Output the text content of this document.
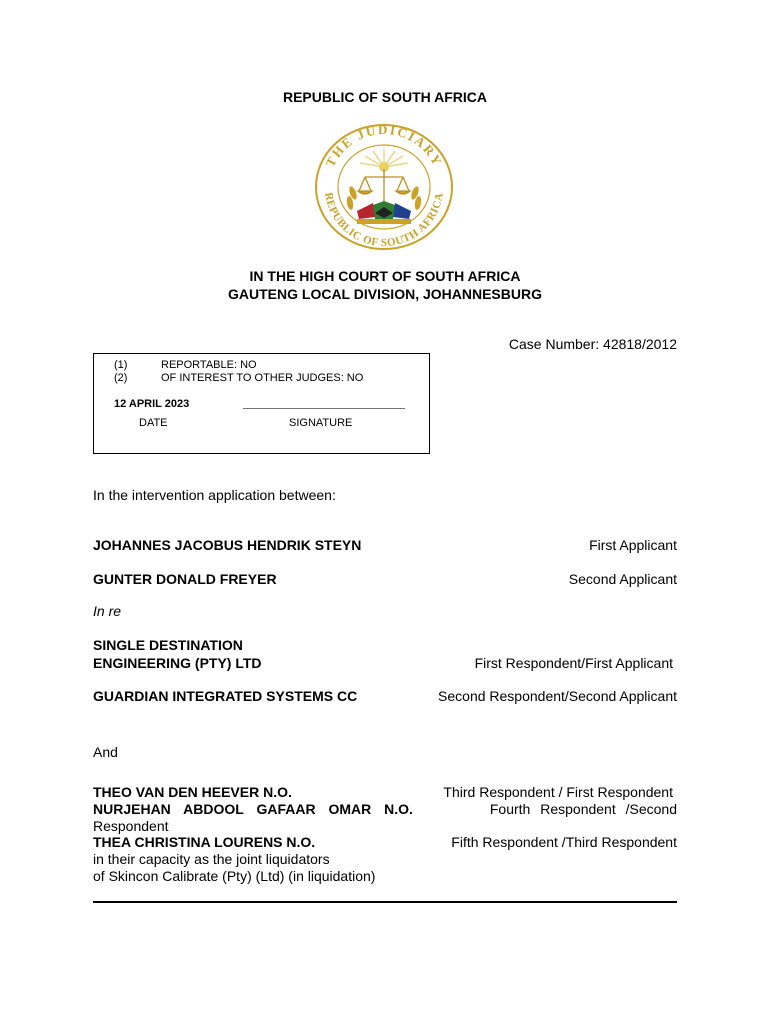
REPUBLIC OF SOUTH AFRICA
THE JUDICIARY
REPUBLIC OF SOUTH AFRICA
IN THE HIGH COURT OF SOUTH AFRICA
GAUTENG LOCAL DIVISION, JOHANNESBURG
Case Number: 42818/2012
(1)	REPORTABLE: NO
(2)	OF INTEREST TO OTHER JUDGES: NO
12 APRIL 2023
DATE	SIGNATURE
In the intervention application between:
JOHANNES JACOBUS HENDRIK STEYN	First Applicant
GUNTER DONALD FREYER	Second Applicant
In re
SINGLE DESTINATION
ENGINEERING (PTY) LTD	First Respondent/First Applicant
GUARDIAN INTEGRATED SYSTEMS CC	Second Respondent/Second Applicant
And
THEO VAN DEN HEEVER N.O.	Third Respondent / First Respondent
NURJEHAN ABDOOL GAFAAR OMAR N.O.	Fourth Respondent /Second
Respondent
THEA CHRISTINA LOURENS N.O.	Fifth Respondent /Third Respondent
in their capacity as the joint liquidators
of Skincon Calibrate (Pty) (Ltd) (in liquidation)
